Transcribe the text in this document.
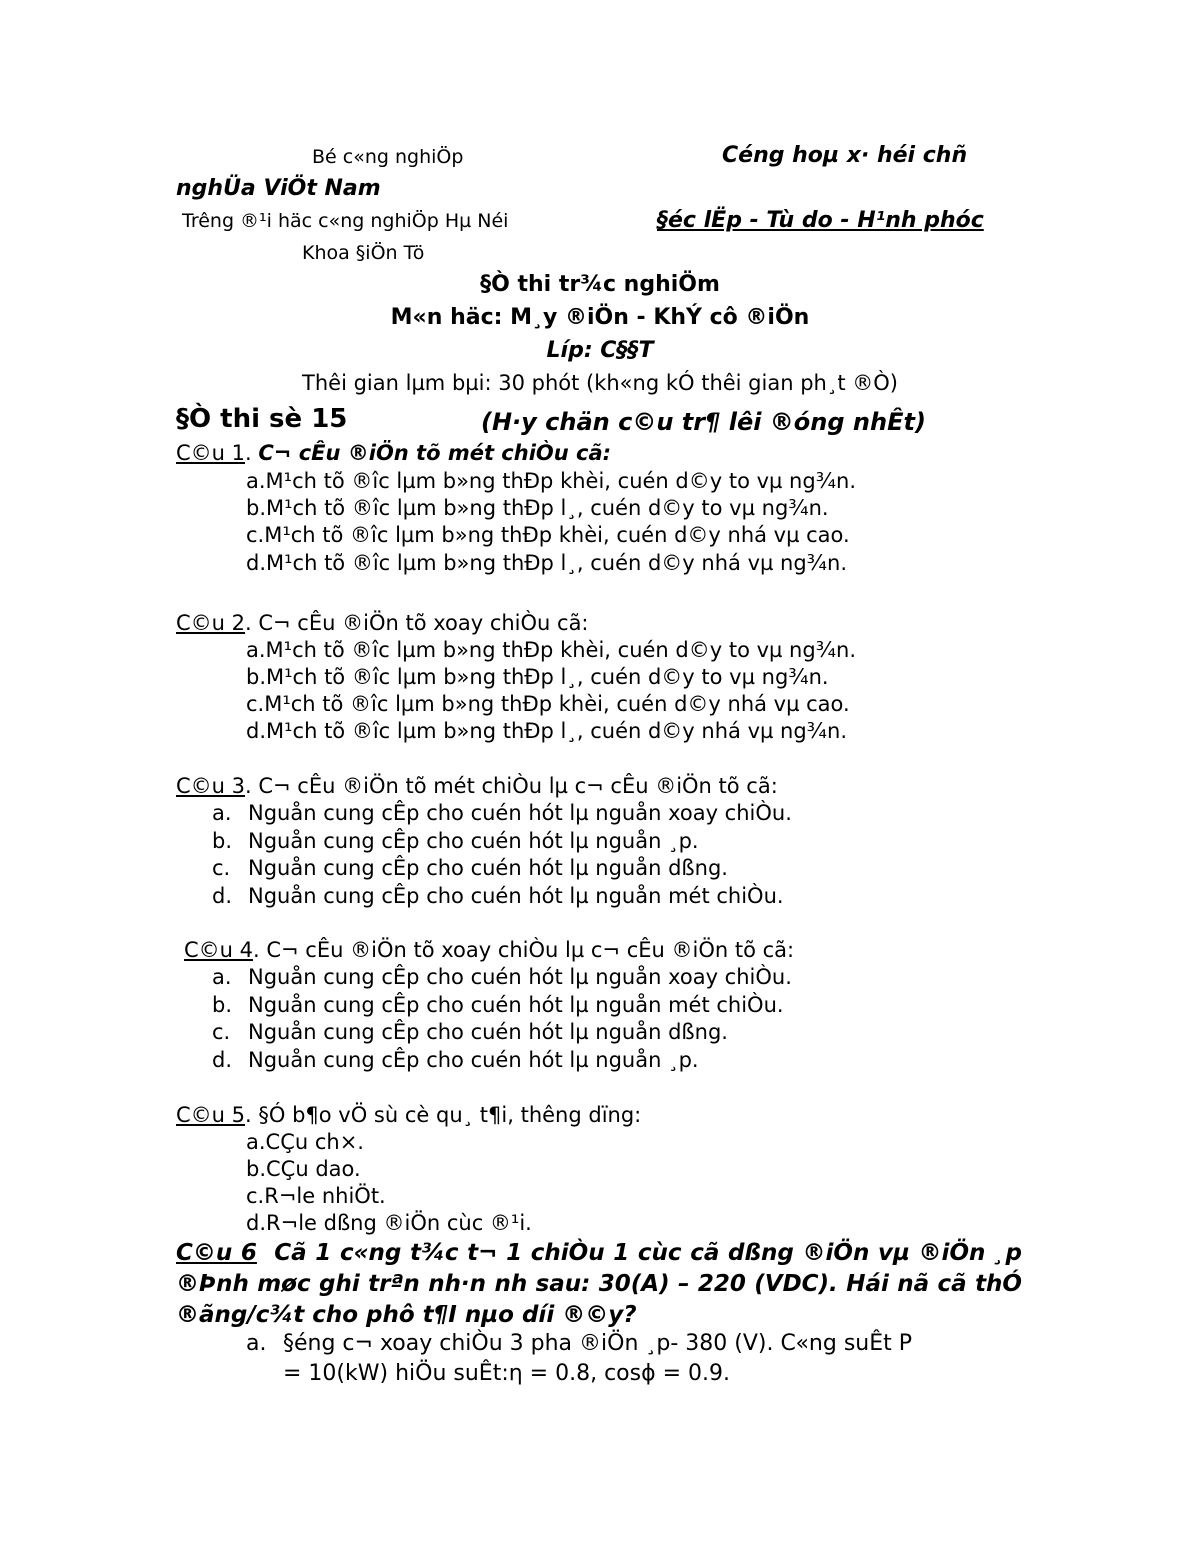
Bé c«ng nghiÖp	Céng hoµ x· héi chñ
nghÜa ViÖt Nam
Trêng ®¹i häc c«ng nghiÖp Hµ Néi	§éc lËp - Tù do - H¹nh phóc
Khoa §iÖn Tö
§Ò thi tr¾c nghiÖm
M«n häc: M¸y ®iÖn - KhÝ cô ®iÖn
Líp: C§§T
Thêi gian lµm bµi: 30 phót (kh«ng kÓ thêi gian ph¸t ®Ò)
§Ò thi sè 15	(H·y chän c©u tr¶ lêi ®óng nhÊt)
C©u 1. C¬ cÊu ®iÖn tõ mét chiÒu cã:
a.M¹ch tõ ®îc lµm b»ng thÐp khèi, cuén d©y to vµ ng¾n.
b.M¹ch tõ ®îc lµm b»ng thÐp l¸, cuén d©y to vµ ng¾n.
c.M¹ch tõ ®îc lµm b»ng thÐp khèi, cuén d©y nhá vµ cao.
d.M¹ch tõ ®îc lµm b»ng thÐp l¸, cuén d©y nhá vµ ng¾n.
C©u 2. C¬ cÊu ®iÖn tõ xoay chiÒu cã:
a.M¹ch tõ ®îc lµm b»ng thÐp khèi, cuén d©y to vµ ng¾n.
b.M¹ch tõ ®îc lµm b»ng thÐp l¸, cuén d©y to vµ ng¾n.
c.M¹ch tõ ®îc lµm b»ng thÐp khèi, cuén d©y nhá vµ cao.
d.M¹ch tõ ®îc lµm b»ng thÐp l¸, cuén d©y nhá vµ ng¾n.
C©u 3. C¬ cÊu ®iÖn tõ mét chiÒu lµ c¬ cÊu ®iÖn tõ cã:
a. Nguån cung cÊp cho cuén hót lµ nguån xoay chiÒu.
b. Nguån cung cÊp cho cuén hót lµ nguån ¸p.
c. Nguån cung cÊp cho cuén hót lµ nguån dßng.
d. Nguån cung cÊp cho cuén hót lµ nguån mét chiÒu.
C©u 4. C¬ cÊu ®iÖn tõ xoay chiÒu lµ c¬ cÊu ®iÖn tõ cã:
a. Nguån cung cÊp cho cuén hót lµ nguån xoay chiÒu.
b. Nguån cung cÊp cho cuén hót lµ nguån mét chiÒu.
c. Nguån cung cÊp cho cuén hót lµ nguån dßng.
d. Nguån cung cÊp cho cuén hót lµ nguån ¸p.
C©u 5. §Ó b¶o vÖ sù cè qu¸ t¶i, thêng dïng:
a.CÇu ch×.
b.CÇu dao.
c.R¬le nhiÖt.
d.R¬le dßng ®iÖn cùc ®¹i.
C©u 6 Cã 1 c«ng t¾c t¬ 1 chiÒu 1 cùc cã dßng ®iÖn vµ ®iÖn ¸p ®Þnh møc ghi trªn nh·n nh sau: 30(A) – 220 (VDC). Hái nã cã thÓ ®ãng/c¾t cho phô t¶I nµo díi ®©y?
a. §éng c¬ xoay chiÒu 3 pha ®iÖn ¸p- 380 (V). C«ng suÊt P
= 10(kW) hiÖu suÊt:η = 0.8, cosϕ = 0.9.
